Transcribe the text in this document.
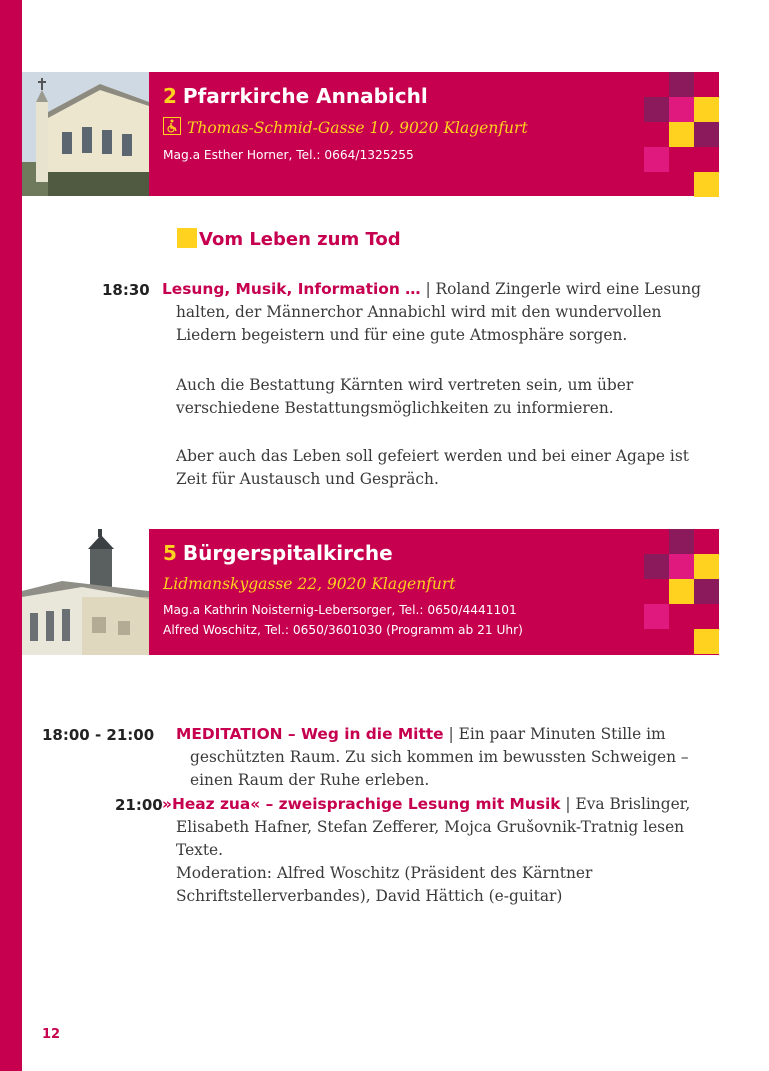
2 Pfarrkirche Annabichl
Thomas-Schmid-Gasse 10, 9020 Klagenfurt
Mag.a Esther Horner, Tel.: 0664/1325255
Vom Leben zum Tod
18:30 Lesung, Musik, Information … | Roland Zingerle wird eine Lesung halten, der Männerchor Annabichl wird mit den wundervollen Liedern begeistern und für eine gute Atmosphäre sorgen.

Auch die Bestattung Kärnten wird vertreten sein, um über verschiedene Bestattungsmöglichkeiten zu informieren.

Aber auch das Leben soll gefeiert werden und bei einer Agape ist Zeit für Austausch und Gespräch.

5 Bürgerspitalkirche
Lidmanskygasse 22, 9020 Klagenfurt
Mag.a Kathrin Noisternig-Lebersorger, Tel.: 0650/4441101
Alfred Woschitz, Tel.: 0650/3601030 (Programm ab 21 Uhr)
18:00 - 21:00 MEDITATION – Weg in die Mitte | Ein paar Minuten Stille im geschützten Raum. Zu sich kommen im bewussten Schweigen – einen Raum der Ruhe erleben.

21:00 »Heaz zua« – zweisprachige Lesung mit Musik | Eva Brislinger, Elisabeth Hafner, Stefan Zefferer, Mojca Grušovnik-Tratnig lesen Texte.

Moderation: Alfred Woschitz (Präsident des Kärntner Schriftstellerverbandes), David Hättich (e-guitar)

12
